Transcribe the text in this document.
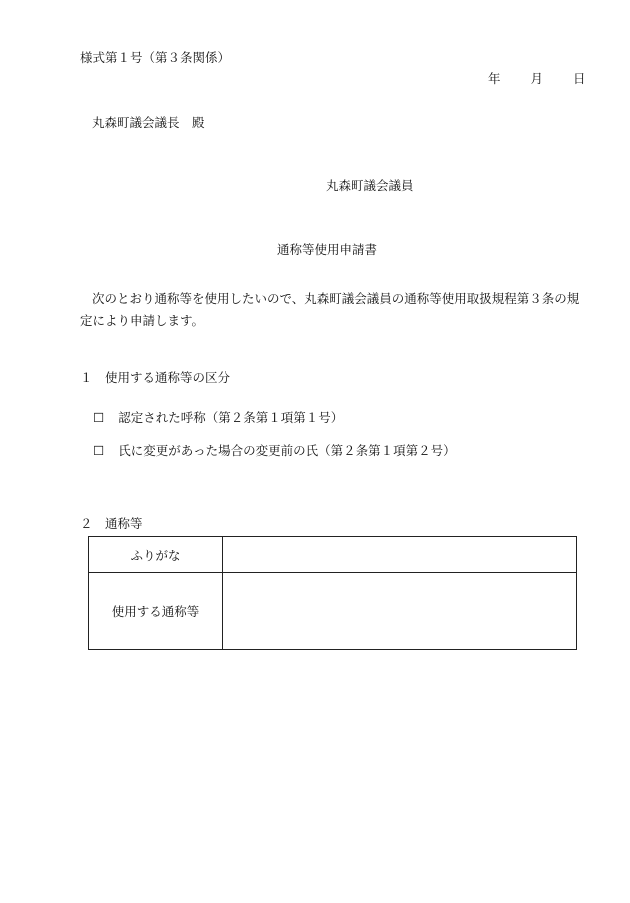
様式第１号（第３条関係）
年 月 日
丸森町議会議長　殿
丸森町議会議員
通称等使用申請書
次のとおり通称等を使用したいので、丸森町議会議員の通称等使用取扱規程第３条の規定により申請します。
１　使用する通称等の区分
☐ 認定された呼称（第２条第１項第１号）
☐ 氏に変更があった場合の変更前の氏（第２条第１項第２号）
２　通称等
ふりがな	
使用する通称等	
